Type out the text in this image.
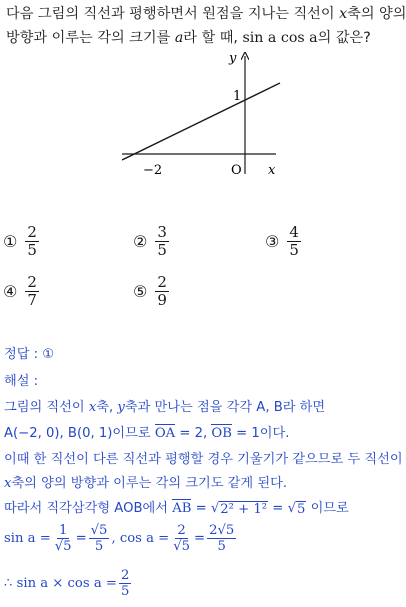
다음 그림의 직선과 평행하면서 원점을 지나는 직선이 x축의 양의
방향과 이루는 각의 크기를 a라 할 때, sin a cos a의 값은?
y
x
O
1
−2
① $\frac{2}{5}$	② $\frac{3}{5}$	③ $\frac{4}{5}$
④ $\frac{2}{7}$	⑤ $\frac{2}{9}$
정답 : ①
해설 :
그림의 직선이 x축, y축과 만나는 점을 각각 A, B라 하면
A(−2, 0), B(0, 1)이므로 OA = 2, OB = 1이다.
이때 한 직선이 다른 직선과 평행할 경우 기울기가 같으므로 두 직선이
x축의 양의 방향과 이루는 각의 크기도 같게 된다.
따라서 직각삼각형 AOB에서 AB = √ 2² + 1² = √ 5 이므로
$\sin a = \frac{1}{√5} = \frac{√5}{5}$ , $\cos a = \frac{2}{√5} = \frac{2√5}{5}$
∴ $\sin a \times \cos a = \frac{2}{5}$
